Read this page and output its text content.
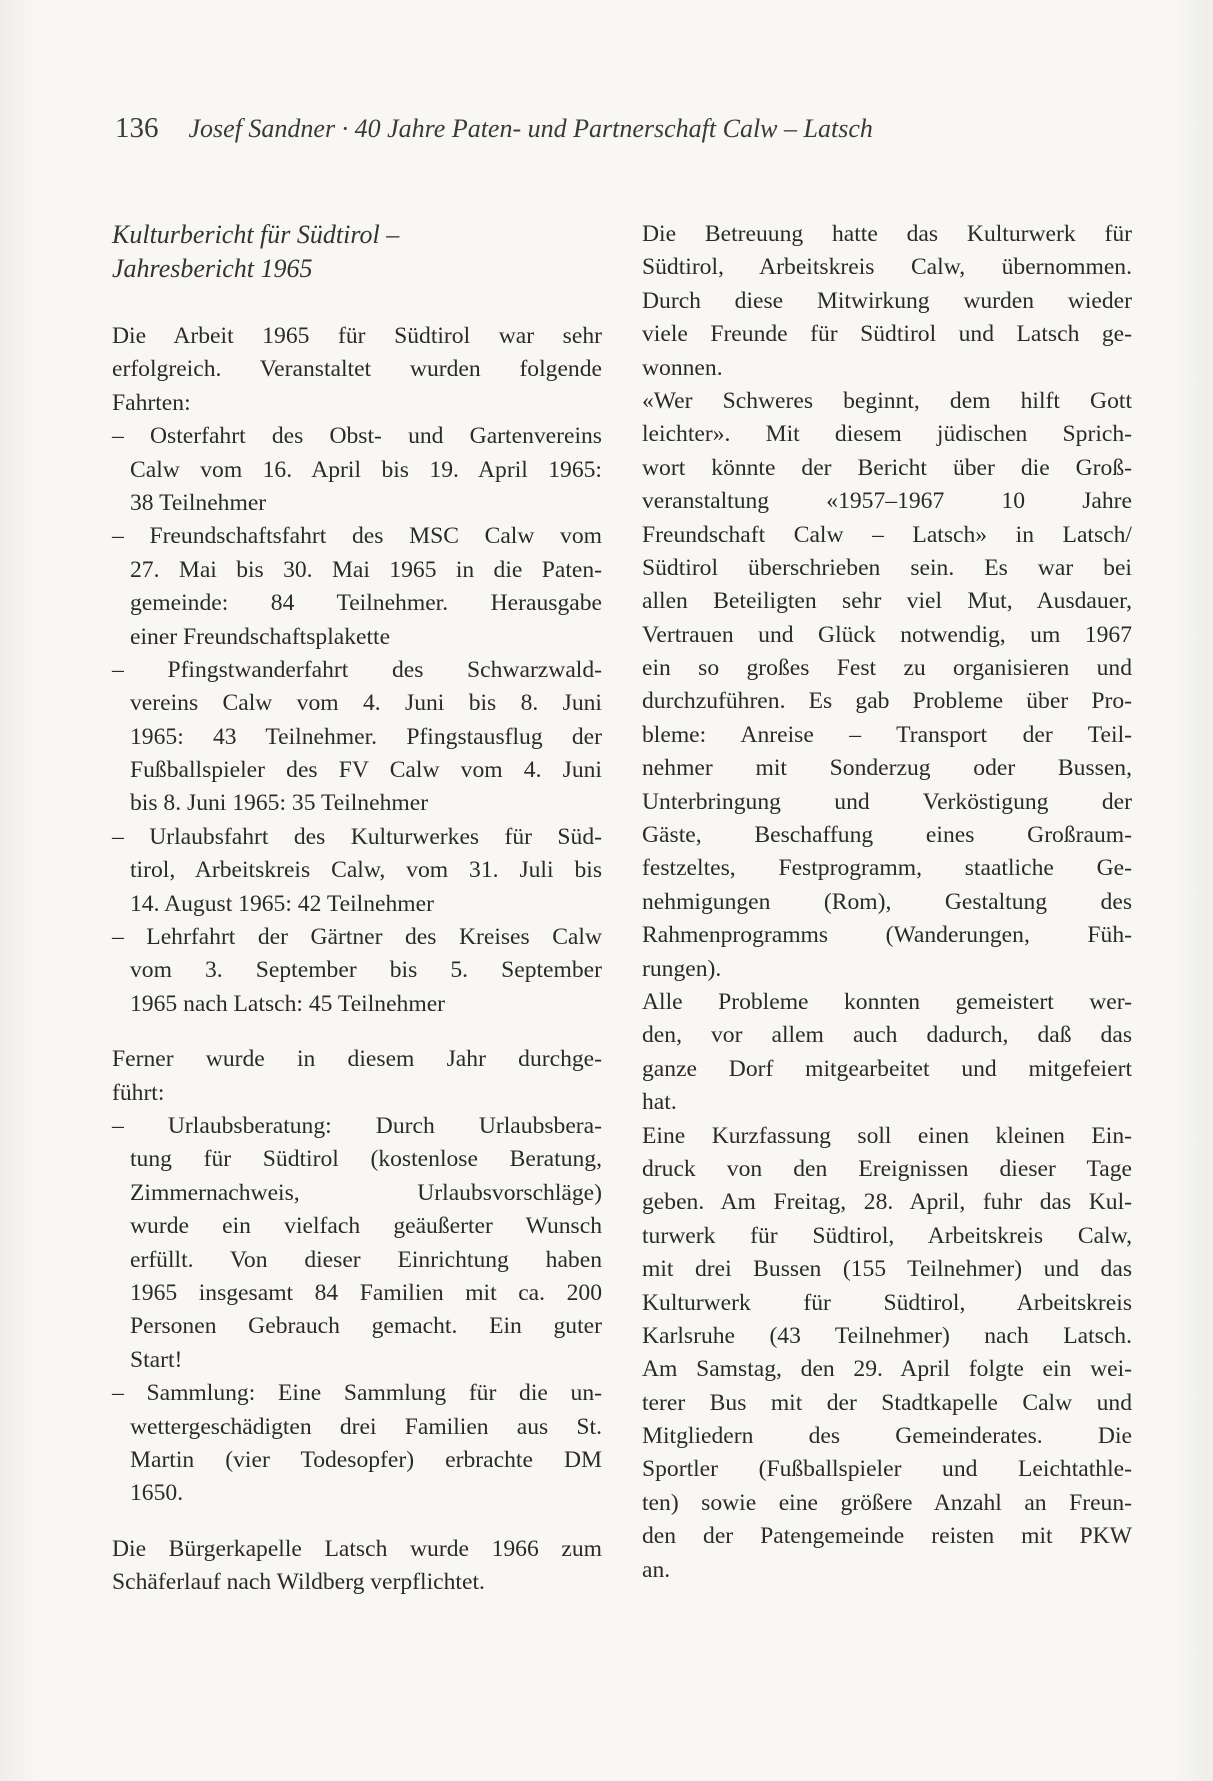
136 Josef Sandner · 40 Jahre Paten- und Partnerschaft Calw – Latsch
Kulturbericht für Südtirol –
Jahresbericht 1965
Die Arbeit 1965 für Südtirol war sehr
erfolgreich. Veranstaltet wurden folgende
Fahrten:
– Osterfahrt des Obst- und Gartenvereins
Calw vom 16. April bis 19. April 1965:
38 Teilnehmer
– Freundschaftsfahrt des MSC Calw vom
27. Mai bis 30. Mai 1965 in die Paten-
gemeinde: 84 Teilnehmer. Herausgabe
einer Freundschaftsplakette
– Pfingstwanderfahrt des Schwarzwald-
vereins Calw vom 4. Juni bis 8. Juni
1965: 43 Teilnehmer. Pfingstausflug der
Fußballspieler des FV Calw vom 4. Juni
bis 8. Juni 1965: 35 Teilnehmer
– Urlaubsfahrt des Kulturwerkes für Süd-
tirol, Arbeitskreis Calw, vom 31. Juli bis
14. August 1965: 42 Teilnehmer
– Lehrfahrt der Gärtner des Kreises Calw
vom 3. September bis 5. September
1965 nach Latsch: 45 Teilnehmer
Ferner wurde in diesem Jahr durchge-
führt:
– Urlaubsberatung: Durch Urlaubsbera-
tung für Südtirol (kostenlose Beratung,
Zimmernachweis, Urlaubsvorschläge)
wurde ein vielfach geäußerter Wunsch
erfüllt. Von dieser Einrichtung haben
1965 insgesamt 84 Familien mit ca. 200
Personen Gebrauch gemacht. Ein guter
Start!
– Sammlung: Eine Sammlung für die un-
wettergeschädigten drei Familien aus St.
Martin (vier Todesopfer) erbrachte DM
1650.
Die Bürgerkapelle Latsch wurde 1966 zum
Schäferlauf nach Wildberg verpflichtet.
Die Betreuung hatte das Kulturwerk für
Südtirol, Arbeitskreis Calw, übernommen.
Durch diese Mitwirkung wurden wieder
viele Freunde für Südtirol und Latsch ge-
wonnen.
«Wer Schweres beginnt, dem hilft Gott
leichter». Mit diesem jüdischen Sprich-
wort könnte der Bericht über die Groß-
veranstaltung «1957–1967 10 Jahre
Freundschaft Calw – Latsch» in Latsch/
Südtirol überschrieben sein. Es war bei
allen Beteiligten sehr viel Mut, Ausdauer,
Vertrauen und Glück notwendig, um 1967
ein so großes Fest zu organisieren und
durchzuführen. Es gab Probleme über Pro-
bleme: Anreise – Transport der Teil-
nehmer mit Sonderzug oder Bussen,
Unterbringung und Verköstigung der
Gäste, Beschaffung eines Großraum-
festzeltes, Festprogramm, staatliche Ge-
nehmigungen (Rom), Gestaltung des
Rahmenprogramms (Wanderungen, Füh-
rungen).
Alle Probleme konnten gemeistert wer-
den, vor allem auch dadurch, daß das
ganze Dorf mitgearbeitet und mitgefeiert
hat.
Eine Kurzfassung soll einen kleinen Ein-
druck von den Ereignissen dieser Tage
geben. Am Freitag, 28. April, fuhr das Kul-
turwerk für Südtirol, Arbeitskreis Calw,
mit drei Bussen (155 Teilnehmer) und das
Kulturwerk für Südtirol, Arbeitskreis
Karlsruhe (43 Teilnehmer) nach Latsch.
Am Samstag, den 29. April folgte ein wei-
terer Bus mit der Stadtkapelle Calw und
Mitgliedern des Gemeinderates. Die
Sportler (Fußballspieler und Leichtathle-
ten) sowie eine größere Anzahl an Freun-
den der Patengemeinde reisten mit PKW
an.
